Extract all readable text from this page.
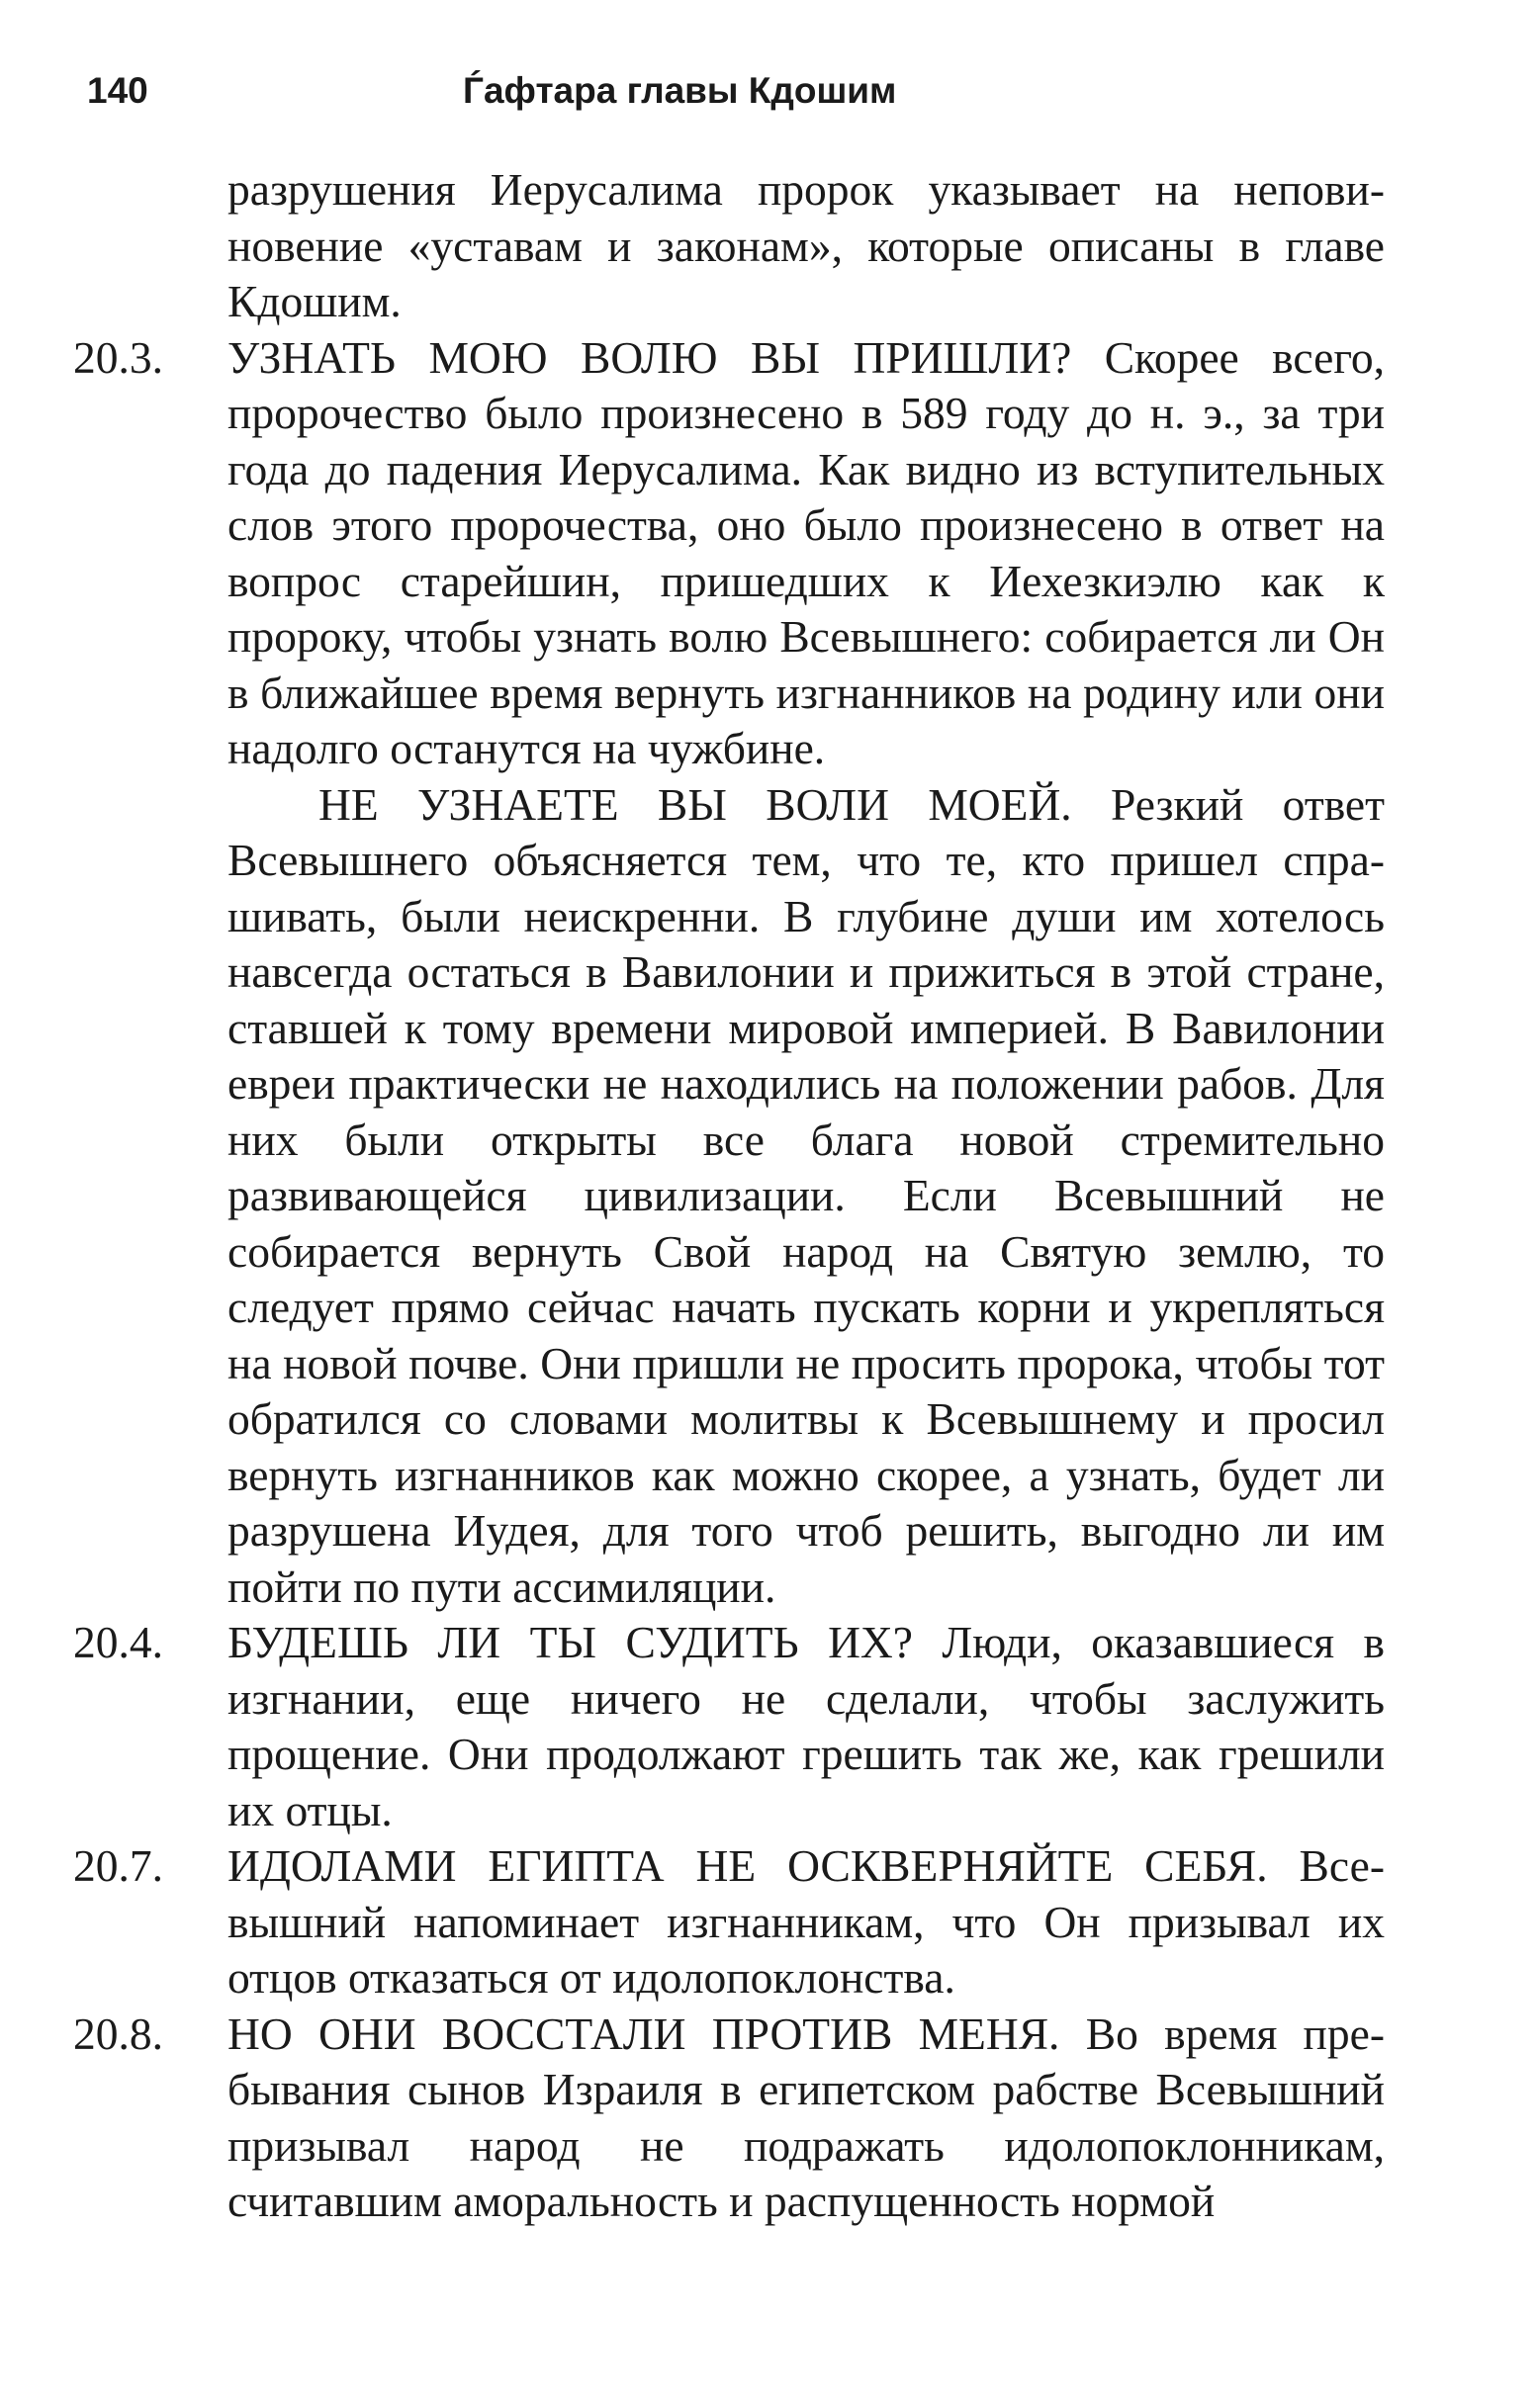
140	Ѓафтара главы Кдошим

разрушения Иерусалима пророк указывает на неповиновение «уставам и законам», которые описаны в главе Кдошим.

20.3. УЗНАТЬ МОЮ ВОЛЮ ВЫ ПРИШЛИ? Скорее всего, пророчество было произнесено в 589 году до н. э., за три года до падения Иерусалима. Как видно из вступительных слов этого пророчества, оно было произнесено в ответ на вопрос старейшин, пришедших к Иехезкиэлю как к пророку, чтобы узнать волю Всевышнего: собирается ли Он в ближайшее время вернуть изгнанников на родину или они надолго останутся на чужбине.

НЕ УЗНАЕТЕ ВЫ ВОЛИ МОЕЙ. Резкий ответ Всевышнего объясняется тем, что те, кто пришел спрашивать, были неискренни. В глубине души им хотелось навсегда остаться в Вавилонии и прижиться в этой стране, ставшей к тому времени мировой империей. В Вавилонии евреи практически не находились на положении рабов. Для них были открыты все блага новой стремительно развивающейся цивилизации. Если Всевышний не собирается вернуть Свой народ на Святую землю, то следует прямо сейчас начать пускать корни и укрепляться на новой почве. Они пришли не просить пророка, чтобы тот обратился со словами молитвы к Всевышнему и просил вернуть изгнанников как можно скорее, а узнать, будет ли разрушена Иудея, для того чтоб решить, выгодно ли им пойти по пути ассимиляции.

20.4. БУДЕШЬ ЛИ ТЫ СУДИТЬ ИХ? Люди, оказавшиеся в изгнании, еще ничего не сделали, чтобы заслужить прощение. Они продолжают грешить так же, как грешили их отцы.

20.7. ИДОЛАМИ ЕГИПТА НЕ ОСКВЕРНЯЙТЕ СЕБЯ. Всевышний напоминает изгнанникам, что Он призывал их отцов отказаться от идолопоклонства.

20.8. НО ОНИ ВОССТАЛИ ПРОТИВ МЕНЯ. Во время пребывания сынов Израиля в египетском рабстве Всевышний призывал народ не подражать идолопоклонникам, считавшим аморальность и распущенность нормой
